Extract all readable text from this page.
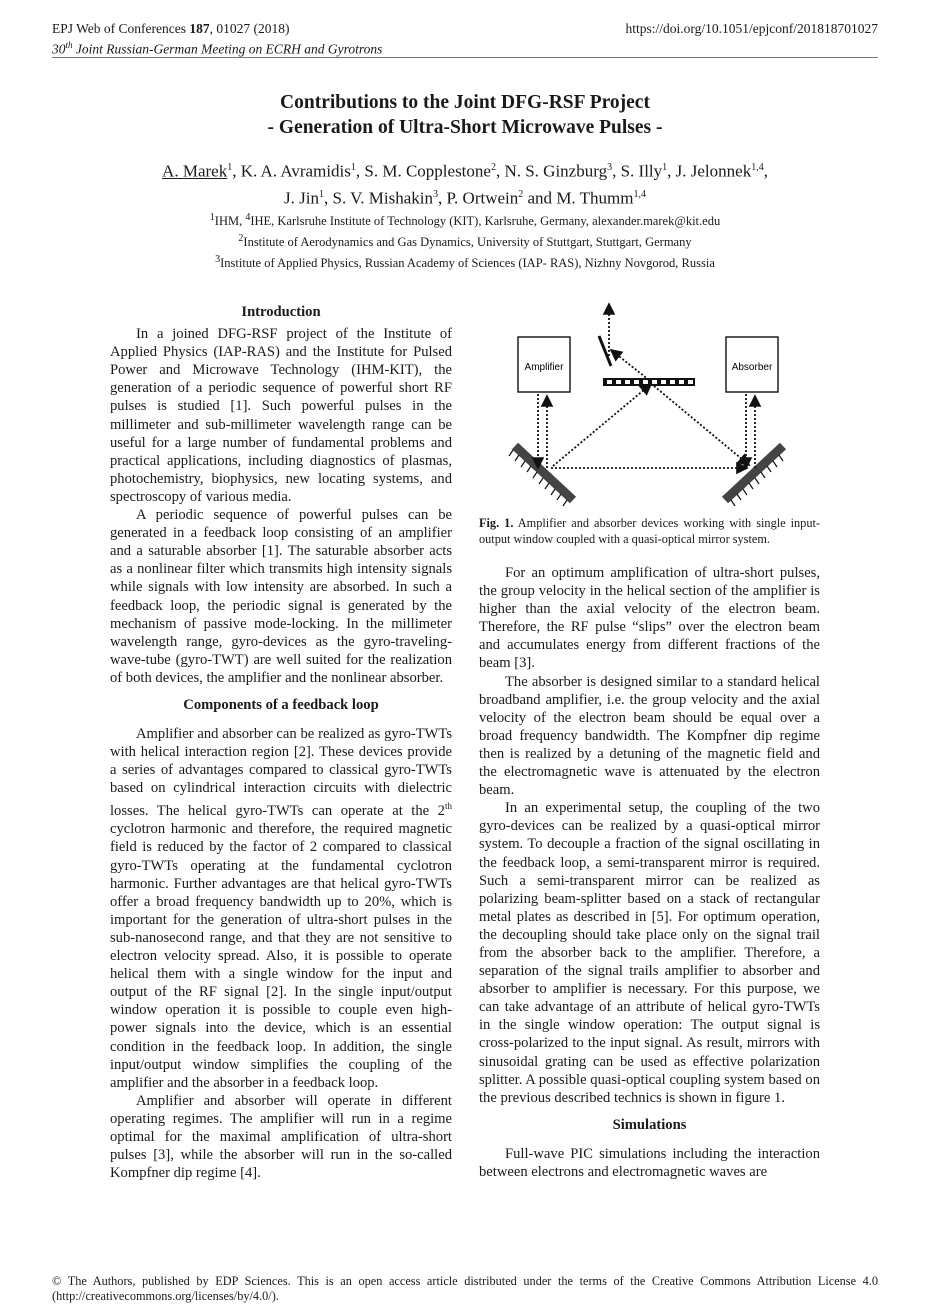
EPJ Web of Conferences 187, 01027 (2018)
30th Joint Russian-German Meeting on ECRH and Gyrotrons
https://doi.org/10.1051/epjconf/201818701027
Contributions to the Joint DFG-RSF Project
- Generation of Ultra-Short Microwave Pulses -
A. Marek$^1$, K. A. Avramidis$^1$, S. M. Copplestone$^2$, N. S. Ginzburg$^3$, S. Illy$^1$, J. Jelonnek$^{1,4}$,
J. Jin$^1$, S. V. Mishakin$^3$, P. Ortwein$^2$ and M. Thumm$^{1,4}$
$^1$IHM, $^4$IHE, Karlsruhe Institute of Technology (KIT), Karlsruhe, Germany, alexander.marek@kit.edu
$^2$Institute of Aerodynamics and Gas Dynamics, University of Stuttgart, Stuttgart, Germany
$^3$Institute of Applied Physics, Russian Academy of Sciences (IAP- RAS), Nizhny Novgorod, Russia
Introduction

In a joined DFG-RSF project of the Institute of Applied Physics (IAP-RAS) and the Institute for Pulsed Power and Microwave Technology (IHM-KIT), the generation of a periodic sequence of powerful short RF pulses is studied [1]. Such powerful pulses in the millimeter and sub-millimeter wavelength range can be useful for a large number of fundamental problems and practical applications, including diagnostics of plasmas, photochemistry, biophysics, new locating systems, and spectroscopy of various media.

A periodic sequence of powerful pulses can be generated in a feedback loop consisting of an amplifier and a saturable absorber [1]. The saturable absorber acts as a nonlinear filter which transmits high intensity signals while signals with low intensity are absorbed. In such a feedback loop, the periodic signal is generated by the mechanism of passive mode-locking. In the millimeter wavelength range, gyro-devices as the gyro-traveling-wave-tube (gyro-TWT) are well suited for the realization of both devices, the amplifier and the nonlinear absorber.

Components of a feedback loop

Amplifier and absorber can be realized as gyro-TWTs with helical interaction region [2]. These devices provide a series of advantages compared to classical gyro-TWTs based on cylindrical interaction circuits with dielectric losses. The helical gyro-TWTs can operate at the 2th cyclotron harmonic and therefore, the required magnetic field is reduced by the factor of 2 compared to classical gyro-TWTs operating at the fundamental cyclotron harmonic. Further advantages are that helical gyro-TWTs offer a broad frequency bandwidth up to 20%, which is important for the generation of ultra-short pulses in the sub-nanosecond range, and that they are not sensitive to electron velocity spread. Also, it is possible to operate helical them with a single window for the input and output of the RF signal [2]. In the single input/output window operation it is possible to couple even high-power signals into the device, which is an essential condition in the feedback loop. In addition, the single input/output window simplifies the coupling of the amplifier and the absorber in a feedback loop.

Amplifier and absorber will operate in different operating regimes. The amplifier will run in a regime optimal for the maximal amplification of ultra-short pulses [3], while the absorber will run in the so-called Kompfner dip regime [4].

Amplifier	Absorber
Fig. 1. Amplifier and absorber devices working with single input-output window coupled with a quasi-optical mirror system.

For an optimum amplification of ultra-short pulses, the group velocity in the helical section of the amplifier is higher than the axial velocity of the electron beam. Therefore, the RF pulse “slips” over the electron beam and accumulates energy from different fractions of the beam [3].

The absorber is designed similar to a standard helical broadband amplifier, i.e. the group velocity and the axial velocity of the electron beam should be equal over a broad frequency bandwidth. The Kompfner dip regime then is realized by a detuning of the magnetic field and the electromagnetic wave is attenuated by the electron beam.

In an experimental setup, the coupling of the two gyro-devices can be realized by a quasi-optical mirror system. To decouple a fraction of the signal oscillating in the feedback loop, a semi-transparent mirror is required. Such a semi-transparent mirror can be realized as polarizing beam-splitter based on a stack of rectangular metal plates as described in [5]. For optimum operation, the decoupling should take place only on the signal trail from the absorber back to the amplifier. Therefore, a separation of the signal trails amplifier to absorber and absorber to amplifier is necessary. For this purpose, we can take advantage of an attribute of helical gyro-TWTs in the single window operation: The output signal is cross-polarized to the input signal. As result, mirrors with sinusoidal grating can be used as effective polarization splitter. A possible quasi-optical coupling system based on the previous described technics is shown in figure 1.

Simulations

Full-wave PIC simulations including the interaction between electrons and electromagnetic waves are

© The Authors, published by EDP Sciences. This is an open access article distributed under the terms of the Creative Commons Attribution License 4.0 (http://creativecommons.org/licenses/by/4.0/).
